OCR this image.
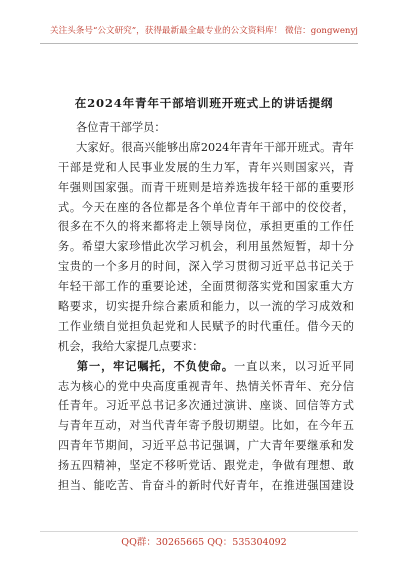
关注头条号“公文研究”，获得最新最全最专业的公文资料库！ 微信：gongwenyj
在2024年青年干部培训班开班式上的讲话提纲
各位青干部学员：
大家好。很高兴能够出席2024年青年干部开班式。青年
干部是党和人民事业发展的生力军，青年兴则国家兴，青
年强则国家强。而青干班则是培养选拔年轻干部的重要形
式。今天在座的各位都是各个单位青年干部中的佼佼者，
很多在不久的将来都将走上领导岗位，承担更重的工作任
务。希望大家珍惜此次学习机会，利用虽然短暂，却十分
宝贵的一个多月的时间，深入学习贯彻习近平总书记关于
年轻干部工作的重要论述，全面贯彻落实党和国家重大方
略要求，切实提升综合素质和能力，以一流的学习成效和
工作业绩自觉担负起党和人民赋予的时代重任。借今天的
机会，我给大家提几点要求：
第一，牢记嘱托，不负使命。一直以来，以习近平同
志为核心的党中央高度重视青年、热情关怀青年、充分信
任青年。习近平总书记多次通过演讲、座谈、回信等方式
与青年互动，对当代青年寄予殷切期望。比如，在今年五
四青年节期间，习近平总书记强调，广大青年要继承和发
扬五四精神，坚定不移听党话、跟党走，争做有理想、敢
担当、能吃苦、肯奋斗的新时代好青年，在推进强国建设
QQ群：30265665 QQ：535304092
